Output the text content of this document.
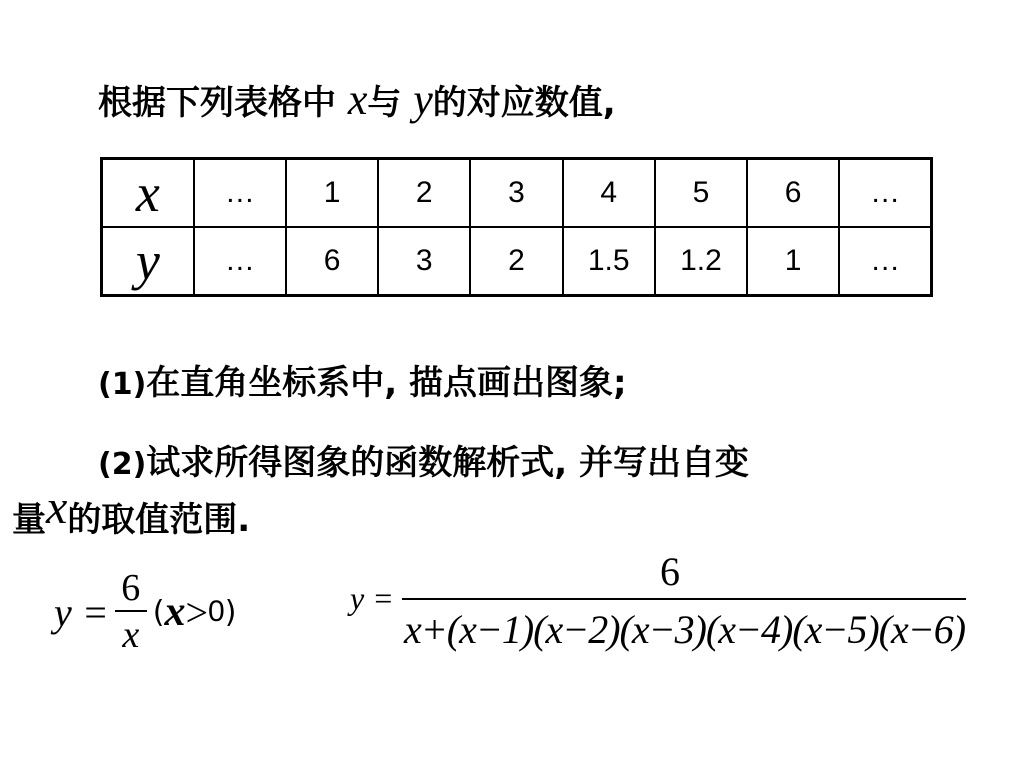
根据下列表格中 x与 y的对应数值,
x	…	1	2	3	4	5	6	…
y	…	6	3	2	1.5	1.2	1	…
(1)在直角坐标系中, 描点画出图象;
(2)试求所得图象的函数解析式, 并写出自变
量x的取值范围.
$y = \frac{6}{x}$ ( x > 0 )	y =
6
x+(x−1)(x−2)(x−3)(x−4)(x−5)(x−6)
